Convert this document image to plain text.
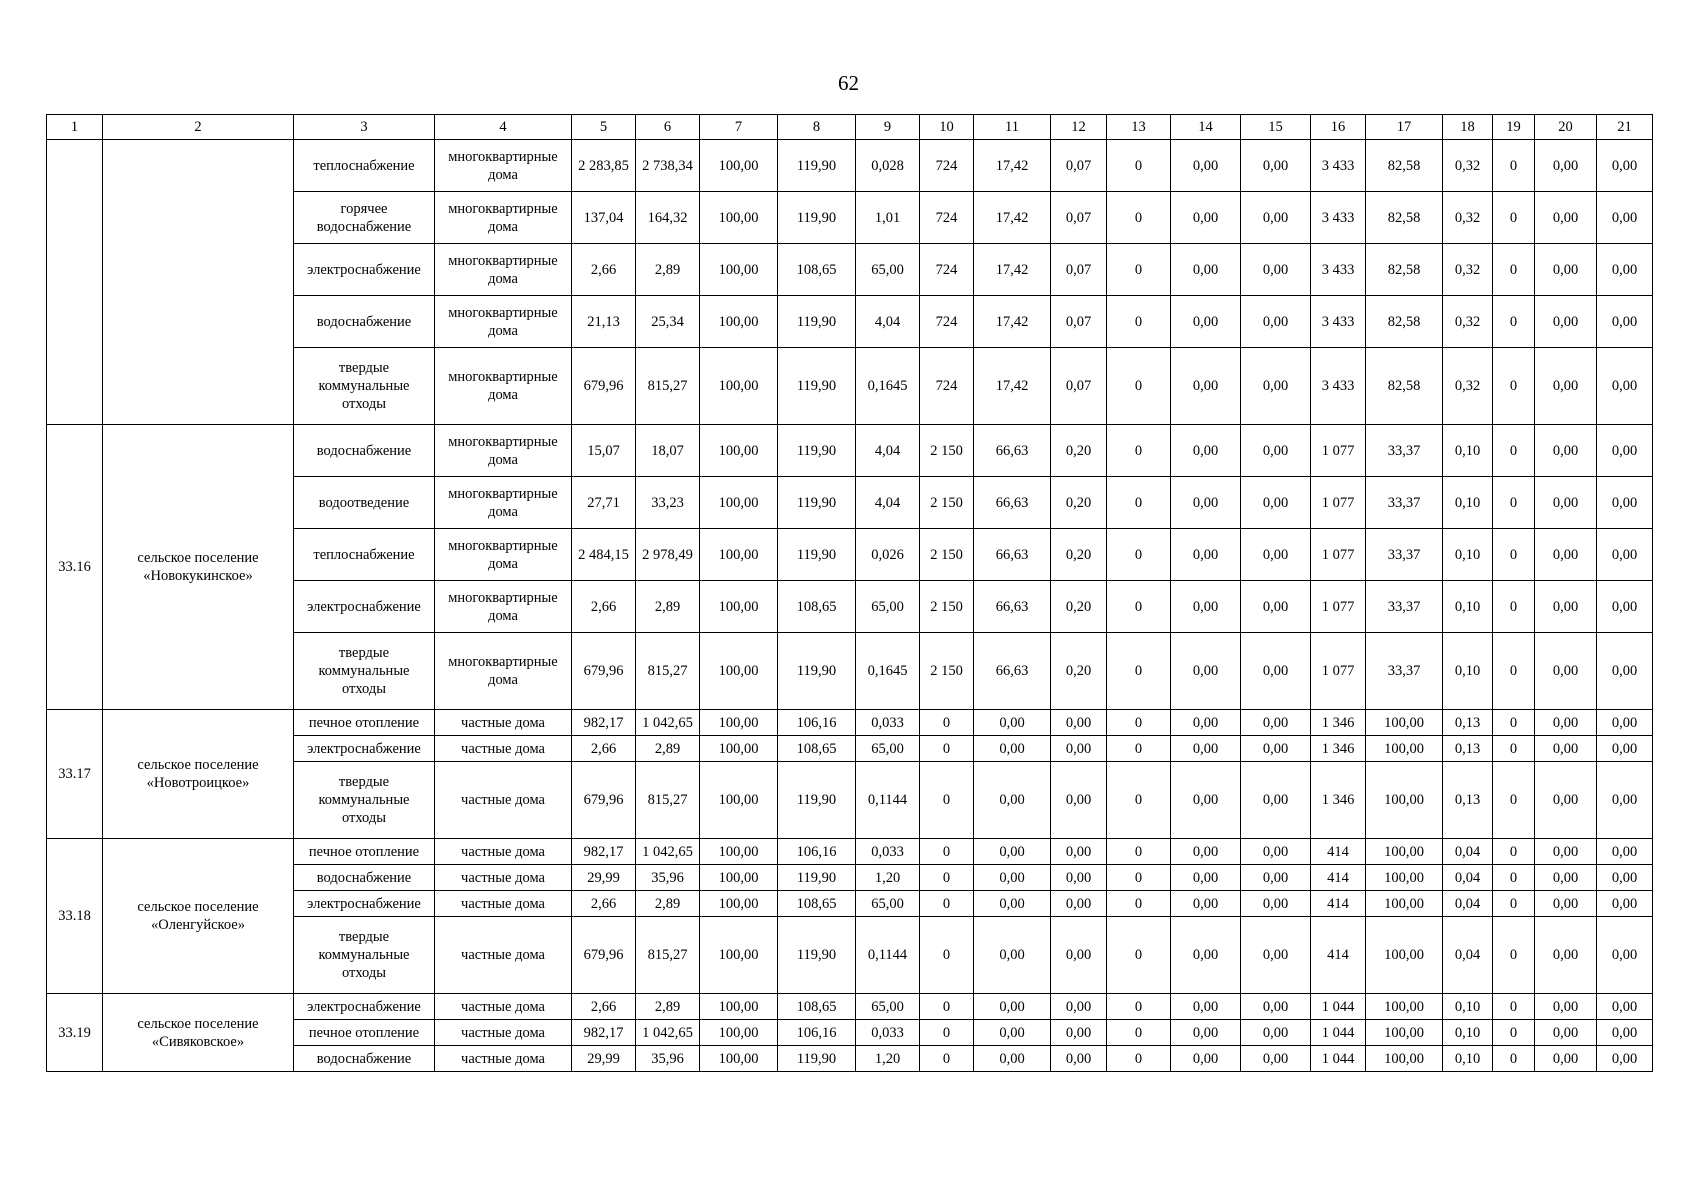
62
1	2	3	4	5	6	7	8	9	10	11	12	13	14	15	16	17	18	19	20	21
		теплоснабжение	многоквартирные дома	2 283,85	2 738,34	100,00	119,90	0,028	724	17,42	0,07	0	0,00	0,00	3 433	82,58	0,32	0	0,00	0,00
		горячее водоснабжение	многоквартирные дома	137,04	164,32	100,00	119,90	1,01	724	17,42	0,07	0	0,00	0,00	3 433	82,58	0,32	0	0,00	0,00
		электроснабжение	многоквартирные дома	2,66	2,89	100,00	108,65	65,00	724	17,42	0,07	0	0,00	0,00	3 433	82,58	0,32	0	0,00	0,00
		водоснабжение	многоквартирные дома	21,13	25,34	100,00	119,90	4,04	724	17,42	0,07	0	0,00	0,00	3 433	82,58	0,32	0	0,00	0,00
		твердые коммунальные отходы	многоквартирные дома	679,96	815,27	100,00	119,90	0,1645	724	17,42	0,07	0	0,00	0,00	3 433	82,58	0,32	0	0,00	0,00
33.16	сельское поселение «Новокукинское»	водоснабжение	многоквартирные дома	15,07	18,07	100,00	119,90	4,04	2 150	66,63	0,20	0	0,00	0,00	1 077	33,37	0,10	0	0,00	0,00
		водоотведение	многоквартирные дома	27,71	33,23	100,00	119,90	4,04	2 150	66,63	0,20	0	0,00	0,00	1 077	33,37	0,10	0	0,00	0,00
		теплоснабжение	многоквартирные дома	2 484,15	2 978,49	100,00	119,90	0,026	2 150	66,63	0,20	0	0,00	0,00	1 077	33,37	0,10	0	0,00	0,00
		электроснабжение	многоквартирные дома	2,66	2,89	100,00	108,65	65,00	2 150	66,63	0,20	0	0,00	0,00	1 077	33,37	0,10	0	0,00	0,00
		твердые коммунальные отходы	многоквартирные дома	679,96	815,27	100,00	119,90	0,1645	2 150	66,63	0,20	0	0,00	0,00	1 077	33,37	0,10	0	0,00	0,00
33.17	сельское поселение «Новотроицкое»	печное отопление	частные дома	982,17	1 042,65	100,00	106,16	0,033	0	0,00	0,00	0	0,00	0,00	1 346	100,00	0,13	0	0,00	0,00
		электроснабжение	частные дома	2,66	2,89	100,00	108,65	65,00	0	0,00	0,00	0	0,00	0,00	1 346	100,00	0,13	0	0,00	0,00
		твердые коммунальные отходы	частные дома	679,96	815,27	100,00	119,90	0,1144	0	0,00	0,00	0	0,00	0,00	1 346	100,00	0,13	0	0,00	0,00
33.18	сельское поселение «Оленгуйское»	печное отопление	частные дома	982,17	1 042,65	100,00	106,16	0,033	0	0,00	0,00	0	0,00	0,00	414	100,00	0,04	0	0,00	0,00
		водоснабжение	частные дома	29,99	35,96	100,00	119,90	1,20	0	0,00	0,00	0	0,00	0,00	414	100,00	0,04	0	0,00	0,00
		электроснабжение	частные дома	2,66	2,89	100,00	108,65	65,00	0	0,00	0,00	0	0,00	0,00	414	100,00	0,04	0	0,00	0,00
		твердые коммунальные отходы	частные дома	679,96	815,27	100,00	119,90	0,1144	0	0,00	0,00	0	0,00	0,00	414	100,00	0,04	0	0,00	0,00
33.19	сельское поселение «Сивяковское»	электроснабжение	частные дома	2,66	2,89	100,00	108,65	65,00	0	0,00	0,00	0	0,00	0,00	1 044	100,00	0,10	0	0,00	0,00
		печное отопление	частные дома	982,17	1 042,65	100,00	106,16	0,033	0	0,00	0,00	0	0,00	0,00	1 044	100,00	0,10	0	0,00	0,00
		водоснабжение	частные дома	29,99	35,96	100,00	119,90	1,20	0	0,00	0,00	0	0,00	0,00	1 044	100,00	0,10	0	0,00	0,00
